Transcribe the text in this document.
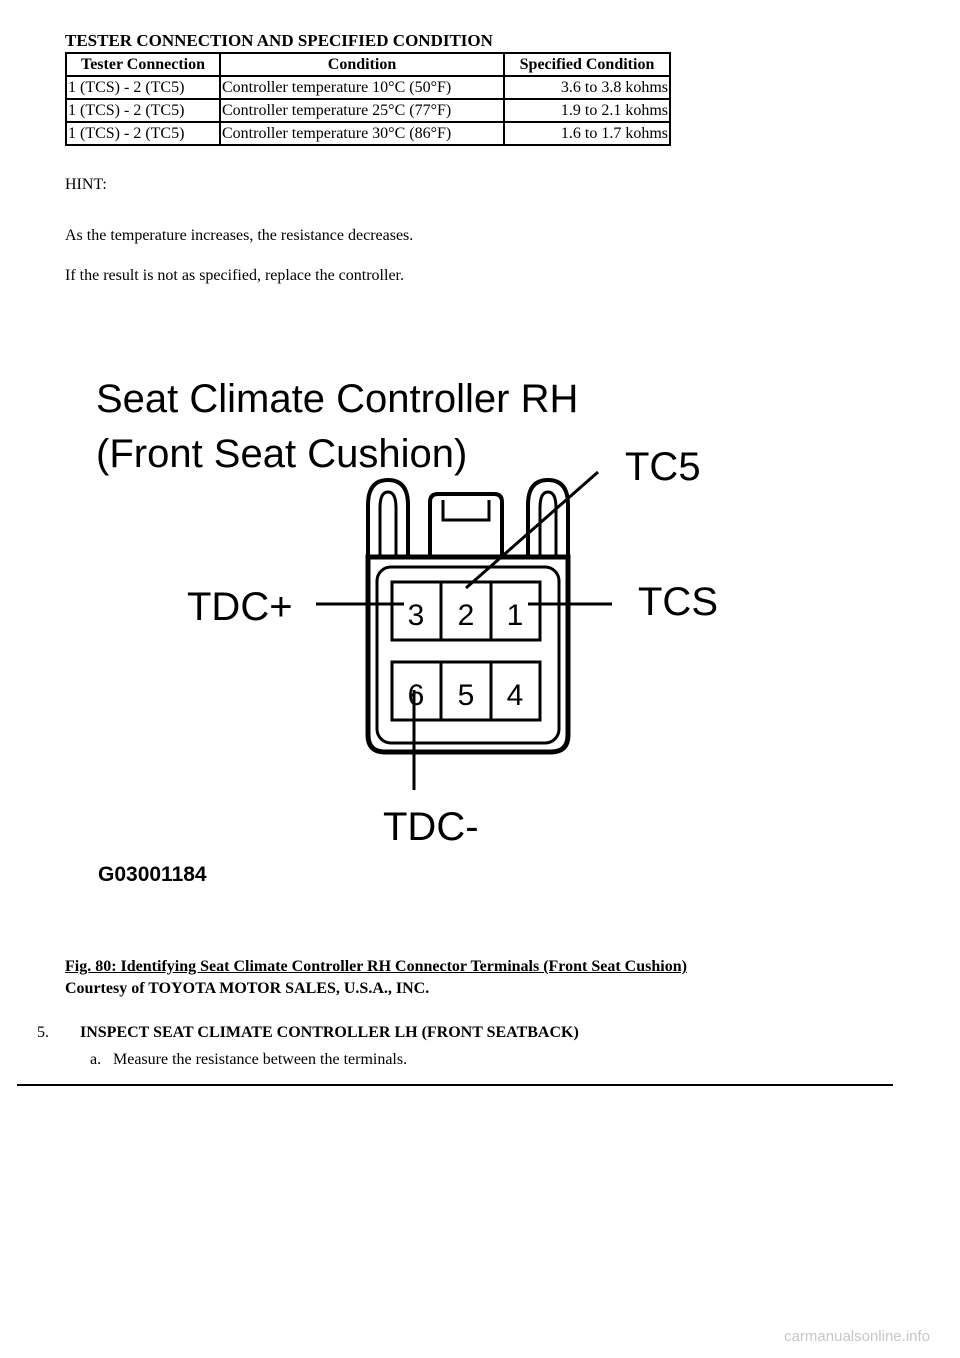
TESTER CONNECTION AND SPECIFIED CONDITION
Tester Connection	Condition	Specified Condition
1 (TCS) - 2 (TC5)	Controller temperature 10°C (50°F)	3.6 to 3.8 kohms
1 (TCS) - 2 (TC5)	Controller temperature 25°C (77°F)	1.9 to 2.1 kohms
1 (TCS) - 2 (TC5)	Controller temperature 30°C (86°F)	1.6 to 1.7 kohms
HINT:
As the temperature increases, the resistance decreases.
If the result is not as specified, replace the controller.
Seat Climate Controller RH
(Front Seat Cushion)
3 2 1
6 5 4
TC5
TDC+	TCS
TDC-
G03001184
Fig. 80: Identifying Seat Climate Controller RH Connector Terminals (Front Seat Cushion)
Courtesy of TOYOTA MOTOR SALES, U.S.A., INC.
5. INSPECT SEAT CLIMATE CONTROLLER LH (FRONT SEATBACK)
a. Measure the resistance between the terminals.
carmanualsonline.info
